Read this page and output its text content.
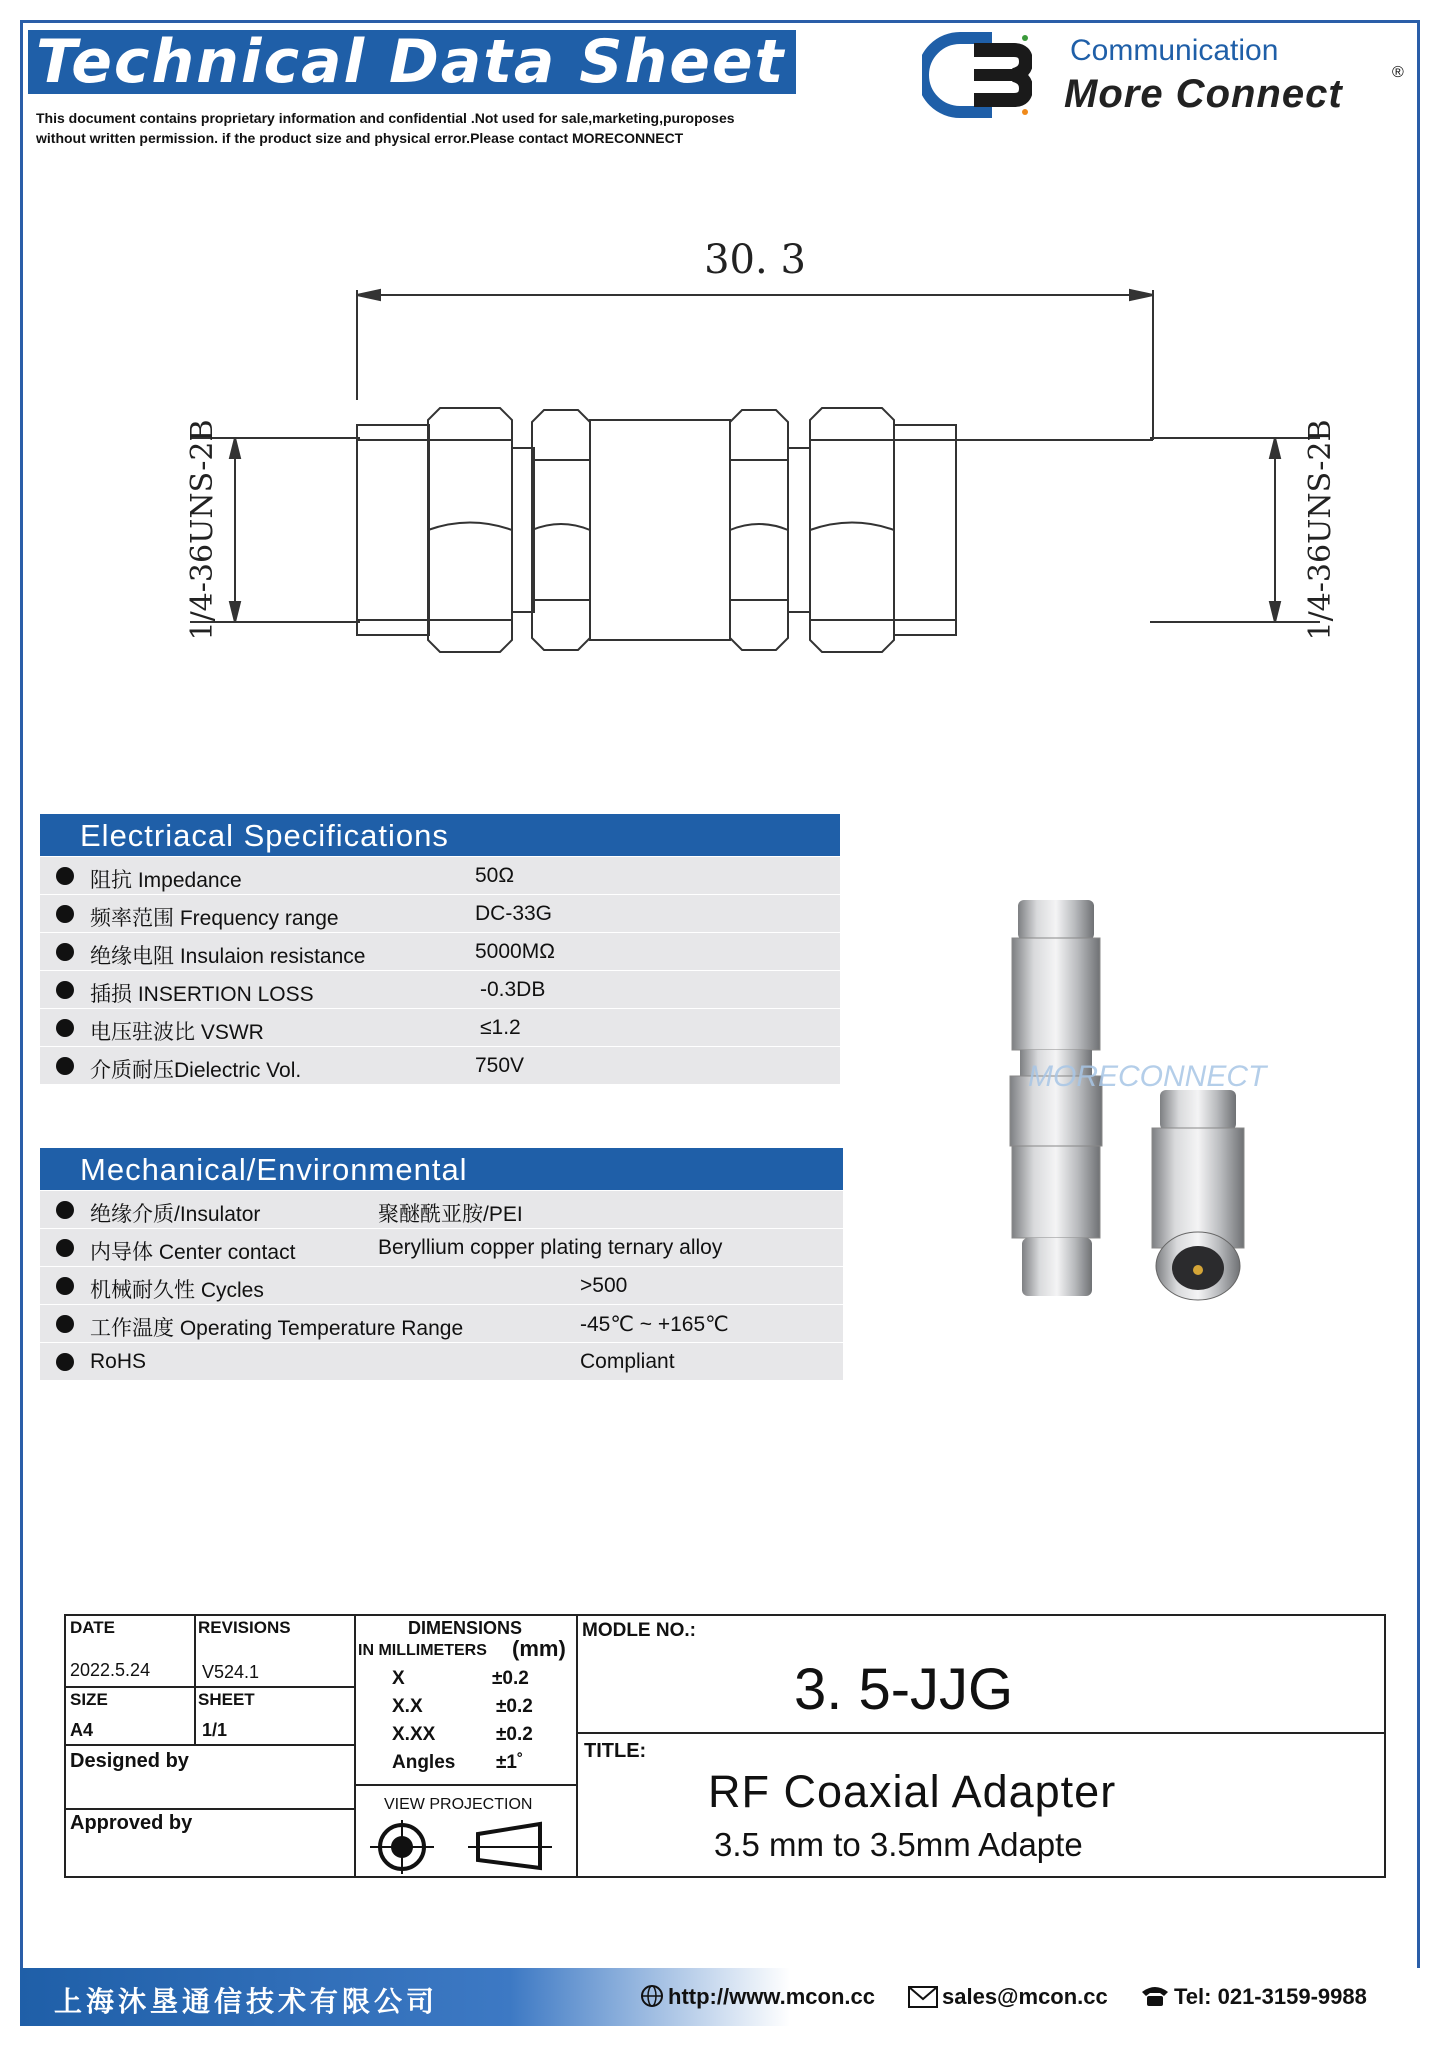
Technical Data Sheet
This document contains proprietary information and confidential .Not used for sale,marketing,puroposes
without written permission. if the product size and physical error.Please contact MORECONNECT
Communication
More Connect	®
30. 3
1/4-36UNS-2B	1/4-36UNS-2B
Electriacal Specifications
阻抗 Impedance	50Ω
频率范围 Frequency range	DC-33G
绝缘电阻 Insulaion resistance	5000MΩ
插损 INSERTION LOSS	-0.3DB
电压驻波比 VSWR	≤1.2
介质耐压Dielectric Vol.	750V
Mechanical/Environmental
绝缘介质/Insulator	聚醚酰亚胺/PEI
内导体 Center contact	Beryllium copper plating ternary alloy
机械耐久性 Cycles	>500
工作温度 Operating Temperature Range	-45℃ ~ +165℃
RoHS	Compliant
MORECONNECT
DATE
2022.5.24
REVISIONS
V524.1
SIZE
A4
SHEET
1/1
Designed by
Approved by
DIMENSIONS
IN MILLIMETERS (mm)
X	±0.2
X.X	±0.2
X.XX	±0.2
Angles ±1˚
VIEW PROJECTION
MODLE NO.:
3. 5-JJG
TITLE:
RF Coaxial Adapter
3.5 mm to 3.5mm Adapte
上海沐垦通信技术有限公司	http://www.mcon.cc	sales@mcon.cc	Tel: 021-3159-9988
